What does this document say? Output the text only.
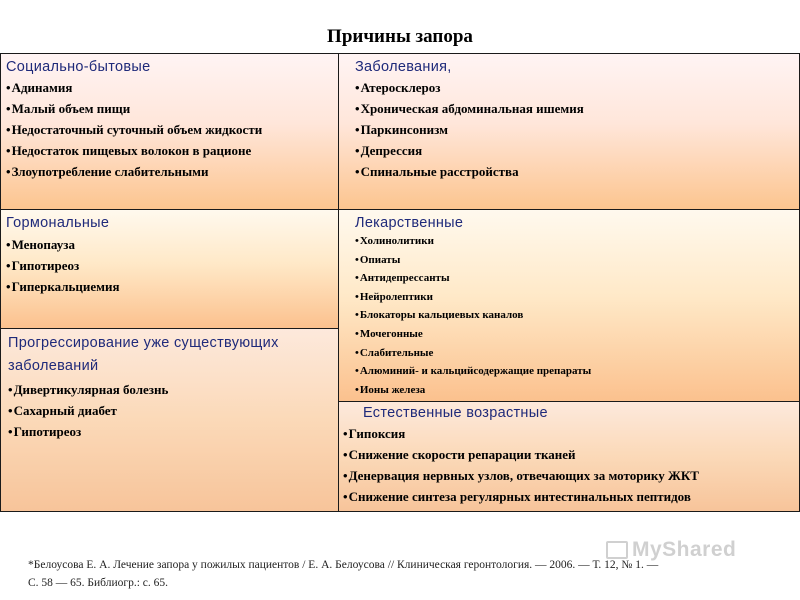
Причины запора
Социально-бытовые
• Адинамия
• Малый объем пищи
• Недостаточный суточный объем жидкости
• Недостаток пищевых волокон в рационе
• Злоупотребление слабительными
Заболевания,
• Атеросклероз
• Хроническая абдоминальная ишемия
• Паркинсонизм
• Депрессия
• Спинальные расстройства
Гормональные
• Менопауза
• Гипотиреоз
• Гиперкальциемия
Лекарственные
• Холинолитики
• Опиаты
• Антидепрессанты
• Нейролептики
• Блокаторы кальциевых каналов
• Мочегонные
• Слабительные
• Алюминий- и кальцийсодержащие препараты
• Ионы железа
Прогрессирование уже существующих
заболеваний
• Дивертикулярная болезнь
• Сахарный диабет
• Гипотиреоз
Естественные возрастные
• Гипоксия
• Снижение скорости репарации тканей
• Денервация нервных узлов, отвечающих за моторику ЖКТ
• Снижение синтеза регулярных интестинальных пептидов
MyShared
*Белоусова Е. А. Лечение запора у пожилых пациентов / Е. А. Белоусова // Клиническая геронтология. — 2006. — Т. 12, № 1. —
С. 58 — 65. Библиогр.: с. 65.
